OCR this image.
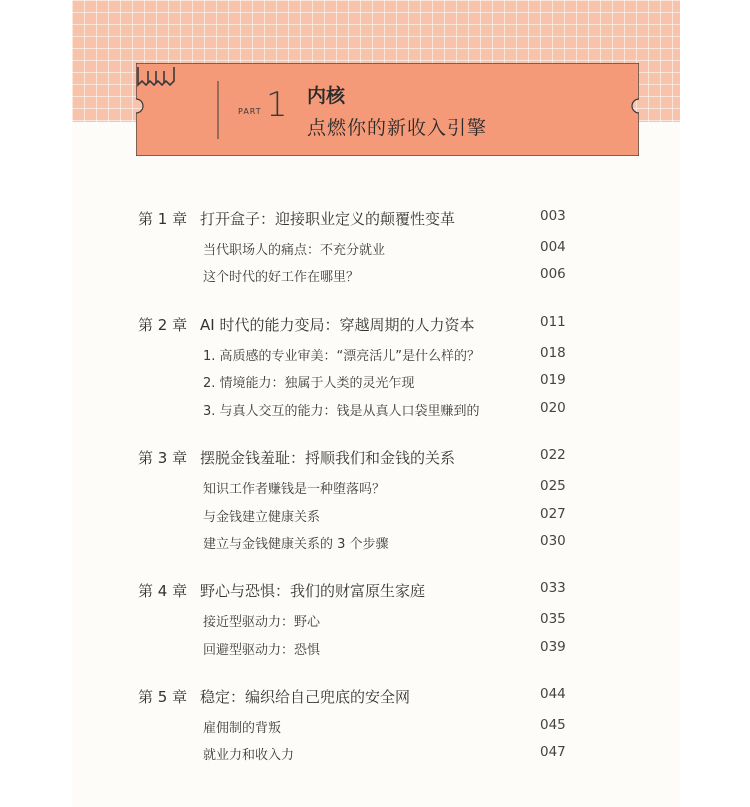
PART 1 内核
点燃你的新收入引擎
第 1 章 打开盒子：迎接职业定义的颠覆性变革	003
当代职场人的痛点：不充分就业	004
这个时代的好工作在哪里？	006
第 2 章 AI 时代的能力变局：穿越周期的人力资本	011
1. 高质感的专业审美：“漂亮活儿”是什么样的？	018
2. 情境能力：独属于人类的灵光乍现	019
3. 与真人交互的能力：钱是从真人口袋里赚到的	020
第 3 章 摆脱金钱羞耻：捋顺我们和金钱的关系	022
知识工作者赚钱是一种堕落吗？	025
与金钱建立健康关系	027
建立与金钱健康关系的 3 个步骤	030
第 4 章 野心与恐惧：我们的财富原生家庭	033
接近型驱动力：野心	035
回避型驱动力：恐惧	039
第 5 章 稳定：编织给自己兜底的安全网	044
雇佣制的背叛	045
就业力和收入力	047
